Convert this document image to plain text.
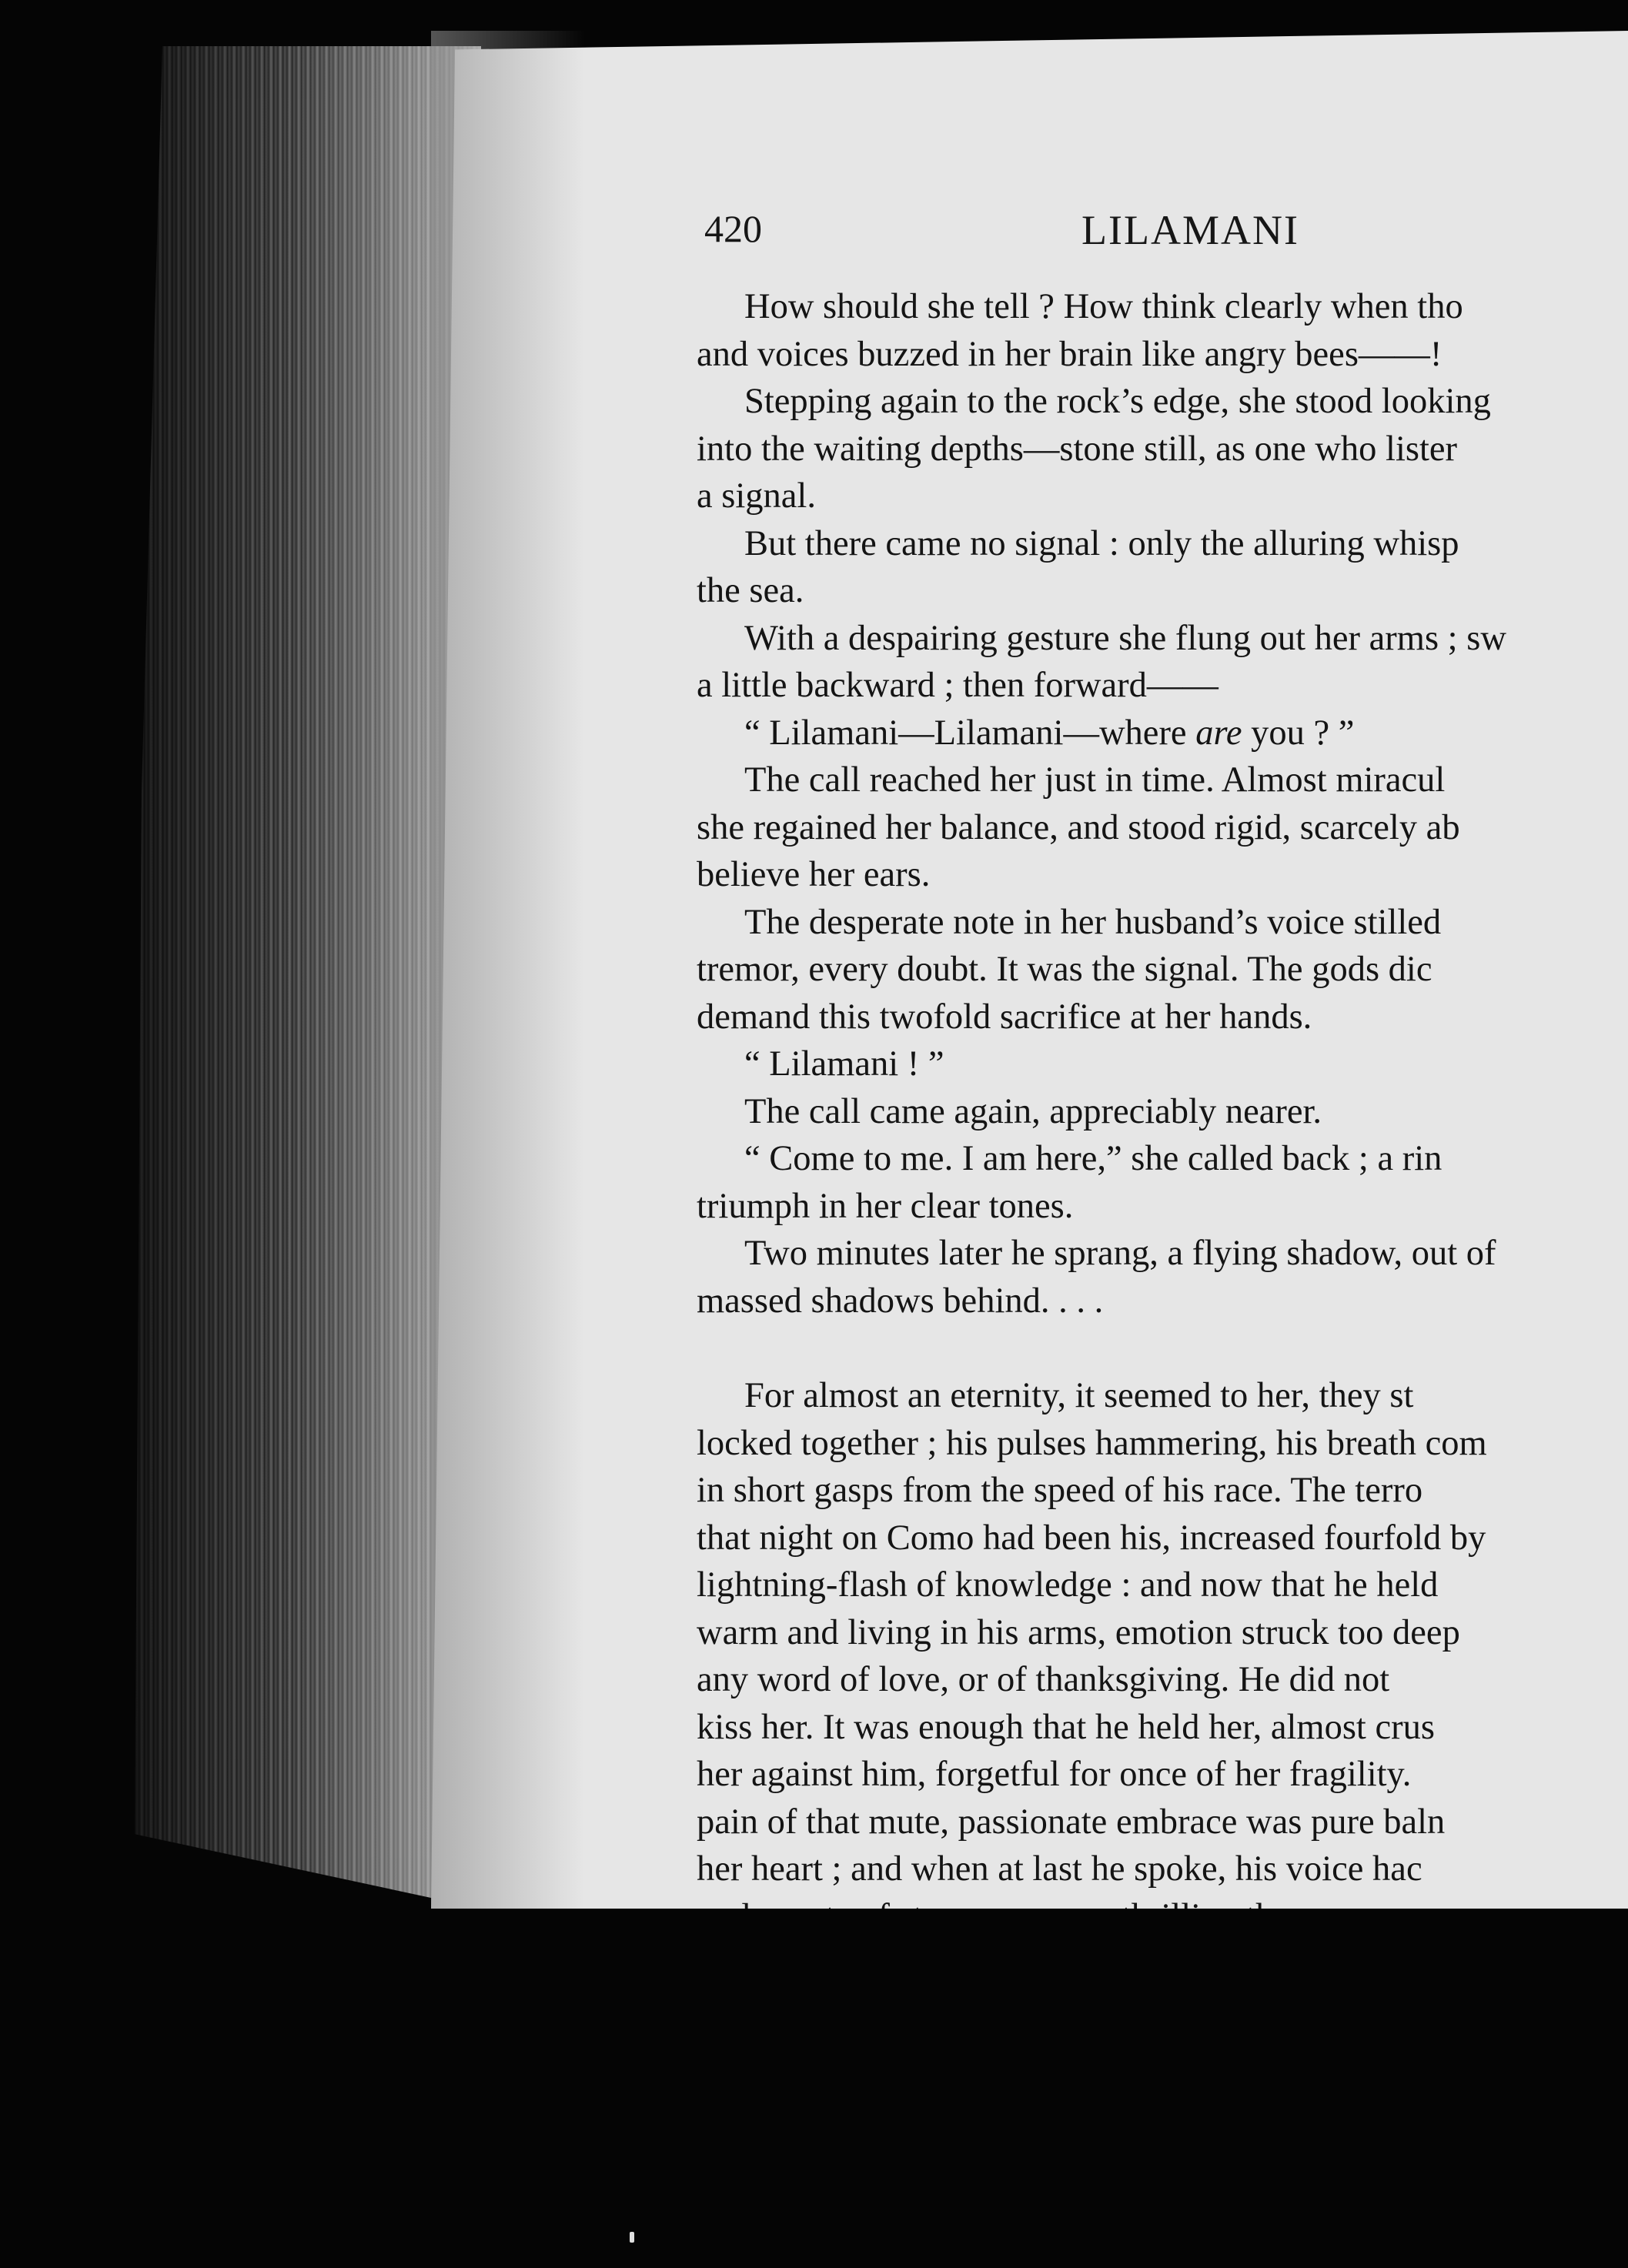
420	LILAMANI
How should she tell ? How think clearly when tho
and voices buzzed in her brain like angry bees——!
Stepping again to the rock’s edge, she stood looking
into the waiting depths—stone still, as one who lister
a signal.
But there came no signal : only the alluring whisp
the sea.
With a despairing gesture she flung out her arms ; sw
a little backward ; then forward——
“ Lilamani—Lilamani—where are you ? ”
The call reached her just in time. Almost miracul
she regained her balance, and stood rigid, scarcely ab
believe her ears.
The desperate note in her husband’s voice stilled
tremor, every doubt. It was the signal. The gods dic
demand this twofold sacrifice at her hands.
“ Lilamani ! ”
The call came again, appreciably nearer.
“ Come to me. I am here,” she called back ; a rin
triumph in her clear tones.
Two minutes later he sprang, a flying shadow, out of
massed shadows behind. . . .
For almost an eternity, it seemed to her, they st
locked together ; his pulses hammering, his breath com
in short gasps from the speed of his race. The terro
that night on Como had been his, increased fourfold by
lightning-flash of knowledge : and now that he held
warm and living in his arms, emotion struck too deep
any word of love, or of thanksgiving. He did not
kiss her. It was enough that he held her, almost crus
her against him, forgetful for once of her fragility.
pain of that mute, passionate embrace was pure baln
her heart ; and when at last he spoke, his voice hac
